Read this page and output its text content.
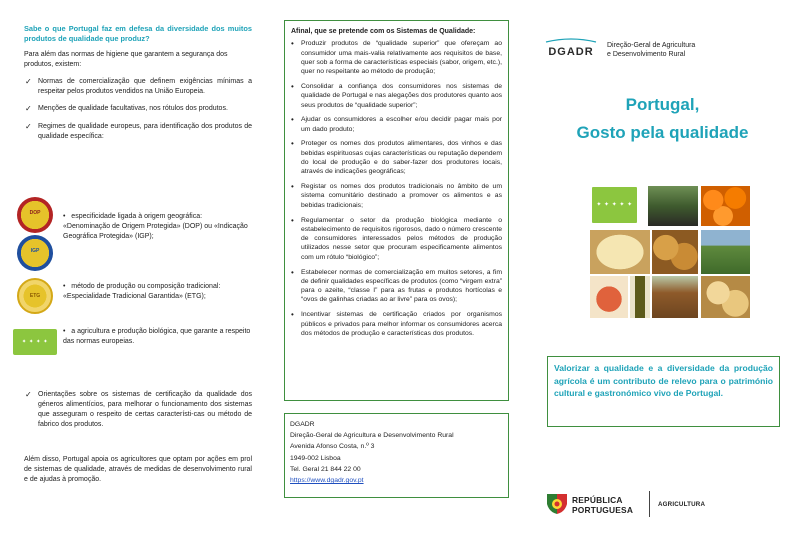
Sabe o que Portugal faz em defesa da diversidade dos muitos produtos de qualidade que produz?
Para além das normas de higiene que garantem a segurança dos produtos, existem:
✓ Normas de comercialização que definem exigências mínimas a respeitar pelos produtos vendidos na União Europeia.
✓ Menções de qualidade facultativas, nos rótulos dos produtos.
✓ Regimes de qualidade europeus, para identificação dos produtos de qualidade específica:
DOP
IGP
ETG
✦ ✦ ✦ ✦
• especificidade ligada à origem geográfica:
«Denominação de Origem Protegida» (DOP) ou «Indicação Geográfica Protegida» (IGP);
• método de produção ou composição tradicional:
«Especialidade Tradicional Garantida» (ETG);
• a agricultura e produção biológica, que garante a respeito das normas europeias.
✓ Orientações sobre os sistemas de certificação da qualidade dos géneros alimentícios, para melhorar o funcionamento dos sistemas que asseguram o respeito de certas característi-cas ou método de fabrico dos produtos.
Além disso, Portugal apoia os agricultores que optam por ações em prol de sistemas de qualidade, através de medidas de desenvolvimento rural e de ajudas à promoção.
Afinal, que se pretende com os Sistemas de Qualidade:
• Produzir produtos de “qualidade superior” que ofereçam ao consumidor uma mais-valia relativamente aos requisitos de base, quer sob a forma de características especiais (sabor, origem, etc.), quer no respeitante ao método de produção;
• Consolidar a confiança dos consumidores nos sistemas de qualidade de Portugal e nas alegações dos produtores quanto aos seus produtos de “qualidade superior”;
• Ajudar os consumidores a escolher e/ou decidir pagar mais por um dado produto;
• Proteger os nomes dos produtos alimentares, dos vinhos e das bebidas espirituosas cujas características ou reputação dependem do local de produção e do saber-fazer dos produtores locais, através de indicações geográficas;
• Registar os nomes dos produtos tradicionais no âmbito de um sistema comunitário destinado a promover os alimentos e as bebidas tradicionais;
• Regulamentar o setor da produção biológica mediante o estabelecimento de requisitos rigorosos, dado o número crescente de consumidores interessados pelos métodos de produção utilizados nesse setor que procuram especificamente alimentos com um rótulo “biológico”;
• Estabelecer normas de comercialização em muitos setores, a fim de definir qualidades específicas de produtos (como “virgem extra” para o azeite, “classe I” para as frutas e produtos hortícolas e “ovos de galinhas criadas ao ar livre” para os ovos);
• Incentivar sistemas de certificação criados por organismos públicos e privados para melhor informar os consumidores acerca dos métodos de produção e características dos produtos.
DGADR
Direção-Geral de Agricultura e Desenvolvimento Rural
Avenida Afonso Costa, n.º 3
1949-002 Lisboa
Tel. Geral 21 844 22 00
https://www.dgadr.gov.pt
DGADR
Direção-Geral de Agricultura
e Desenvolvimento Rural
Portugal,
Gosto pela qualidade
✦ ✦ ✦ ✦ ✦
Valorizar a qualidade e a diversidade da produção agrícola é um contributo de relevo para o património cultural e gastronómico vivo de Portugal.
REPÚBLICA
PORTUGUESA
AGRICULTURA
